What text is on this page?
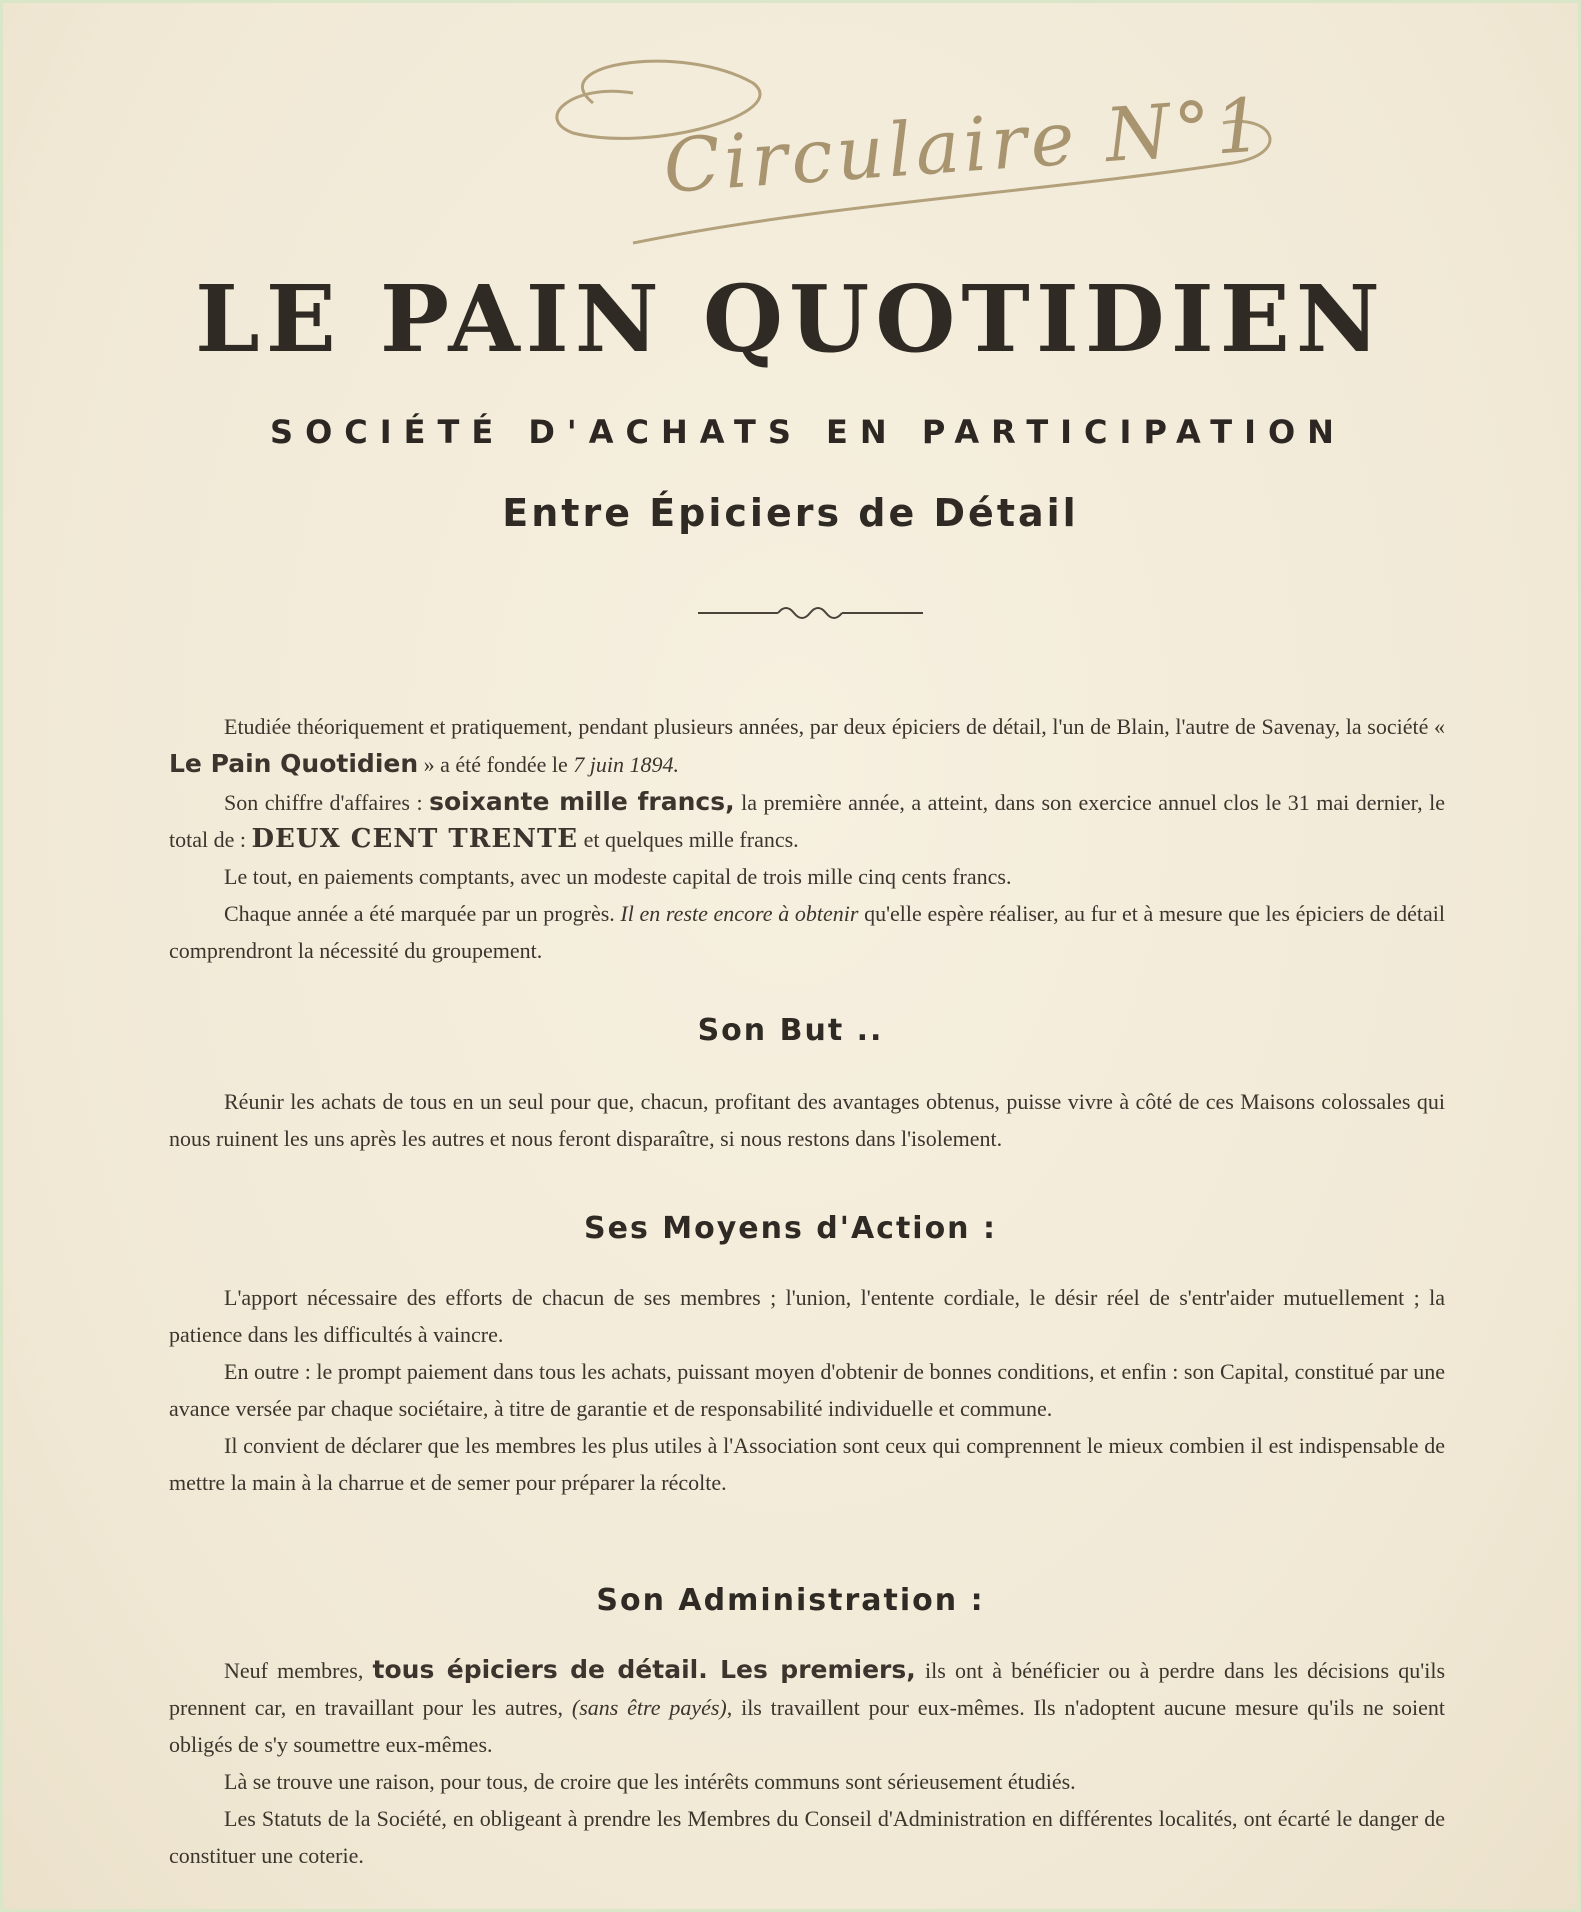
Circulaire N°1
LE PAIN QUOTIDIEN
SOCIÉTÉ D'ACHATS EN PARTICIPATION
Entre Épiciers de Détail

Etudiée théoriquement et pratiquement, pendant plusieurs années, par deux épiciers de détail, l'un de Blain, l'autre de Savenay, la société « Le Pain Quotidien » a été fondée le 7 juin 1894.

Son chiffre d'affaires : soixante mille francs, la première année, a atteint, dans son exercice annuel clos le 31 mai dernier, le total de : DEUX CENT TRENTE et quelques mille francs.

Le tout, en paiements comptants, avec un modeste capital de trois mille cinq cents francs.

Chaque année a été marquée par un progrès. Il en reste encore à obtenir qu'elle espère réaliser, au fur et à mesure que les épiciers de détail comprendront la nécessité du groupement.

Son But ..

Réunir les achats de tous en un seul pour que, chacun, profitant des avantages obtenus, puisse vivre à côté de ces Maisons colossales qui nous ruinent les uns après les autres et nous feront disparaître, si nous restons dans l'isolement.

Ses Moyens d'Action :

L'apport nécessaire des efforts de chacun de ses membres ; l'union, l'entente cordiale, le désir réel de s'entr'aider mutuellement ; la patience dans les difficultés à vaincre.

En outre : le prompt paiement dans tous les achats, puissant moyen d'obtenir de bonnes conditions, et enfin : son Capital, constitué par une avance versée par chaque sociétaire, à titre de garantie et de responsabilité individuelle et commune.

Il convient de déclarer que les membres les plus utiles à l'Association sont ceux qui comprennent le mieux combien il est indispensable de mettre la main à la charrue et de semer pour préparer la récolte.

Son Administration :

Neuf membres, tous épiciers de détail. Les premiers, ils ont à bénéficier ou à perdre dans les décisions qu'ils prennent car, en travaillant pour les autres, (sans être payés), ils travaillent pour eux-mêmes. Ils n'adoptent aucune mesure qu'ils ne soient obligés de s'y soumettre eux-mêmes.

Là se trouve une raison, pour tous, de croire que les intérêts communs sont sérieusement étudiés.

Les Statuts de la Société, en obligeant à prendre les Membres du Conseil d'Administration en différentes localités, ont écarté le danger de constituer une coterie.
